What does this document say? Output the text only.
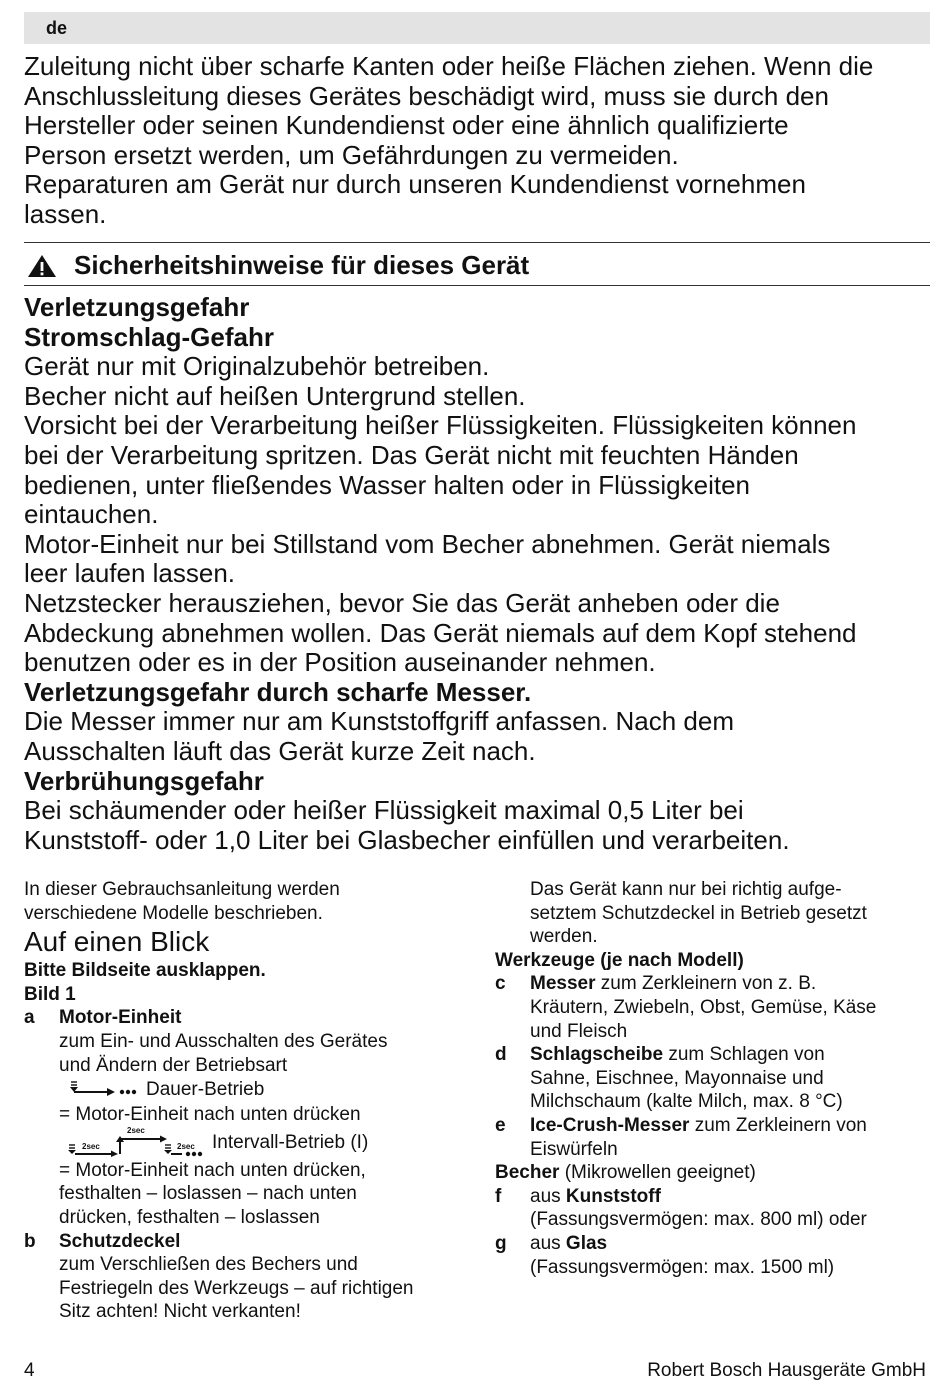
de

Zuleitung nicht über scharfe Kanten oder heiße Flächen ziehen. Wenn die

Anschlussleitung dieses Gerätes beschädigt wird, muss sie durch den

Hersteller oder seinen Kundendienst oder eine ähnlich qualifizierte

Person ersetzt werden, um Gefährdungen zu vermeiden.

Reparaturen am Gerät nur durch unseren Kundendienst vornehmen

lassen.

Sicherheitshinweise für dieses Gerät

Verletzungsgefahr

Stromschlag-Gefahr

Gerät nur mit Originalzubehör betreiben.

Becher nicht auf heißen Untergrund stellen.

Vorsicht bei der Verarbeitung heißer Flüssigkeiten. Flüssigkeiten können

bei der Verarbeitung spritzen. Das Gerät nicht mit feuchten Händen

bedienen, unter fließendes Wasser halten oder in Flüssigkeiten

eintauchen.

Motor-Einheit nur bei Stillstand vom Becher abnehmen. Gerät niemals

leer laufen lassen.

Netzstecker herausziehen, bevor Sie das Gerät anheben oder die

Abdeckung abnehmen wollen. Das Gerät niemals auf dem Kopf stehend

benutzen oder es in der Position auseinander nehmen.

Verletzungsgefahr durch scharfe Messer.

Die Messer immer nur am Kunststoffgriff anfassen. Nach dem

Ausschalten läuft das Gerät kurze Zeit nach.

Verbrühungsgefahr

Bei schäumender oder heißer Flüssigkeit maximal 0,5 Liter bei

Kunststoff- oder 1,0 Liter bei Glasbecher einfüllen und verarbeiten.

In dieser Gebrauchsanleitung werden

verschiedene Modelle beschrieben.

Auf einen Blick

Bitte Bildseite ausklappen.

Bild 1

a Motor-Einheit

zum Ein- und Ausschalten des Gerätes

und Ändern der Betriebsart

Dauer-Betrieb

= Motor-Einheit nach unten drücken

2sec
2sec
2sec Intervall-Betrieb (I)

= Motor-Einheit nach unten drücken,

festhalten – loslassen – nach unten

drücken, festhalten – loslassen

b Schutzdeckel

zum Verschließen des Bechers und

Festriegeln des Werkzeugs – auf richtigen

Sitz achten! Nicht verkanten!

Das Gerät kann nur bei richtig aufge-

setztem Schutzdeckel in Betrieb gesetzt

werden.

Werkzeuge (je nach Modell)

c Messer zum Zerkleinern von z. B.

Kräutern, Zwiebeln, Obst, Gemüse, Käse

und Fleisch

d Schlagscheibe zum Schlagen von

Sahne, Eischnee, Mayonnaise und

Milchschaum (kalte Milch, max. 8 °C)

e Ice-Crush-Messer zum Zerkleinern von

Eiswürfeln

Becher (Mikrowellen geeignet)

f aus Kunststoff

(Fassungsvermögen: max. 800 ml) oder

g aus Glas

(Fassungsvermögen: max. 1500 ml)

4	Robert Bosch Hausgeräte GmbH
